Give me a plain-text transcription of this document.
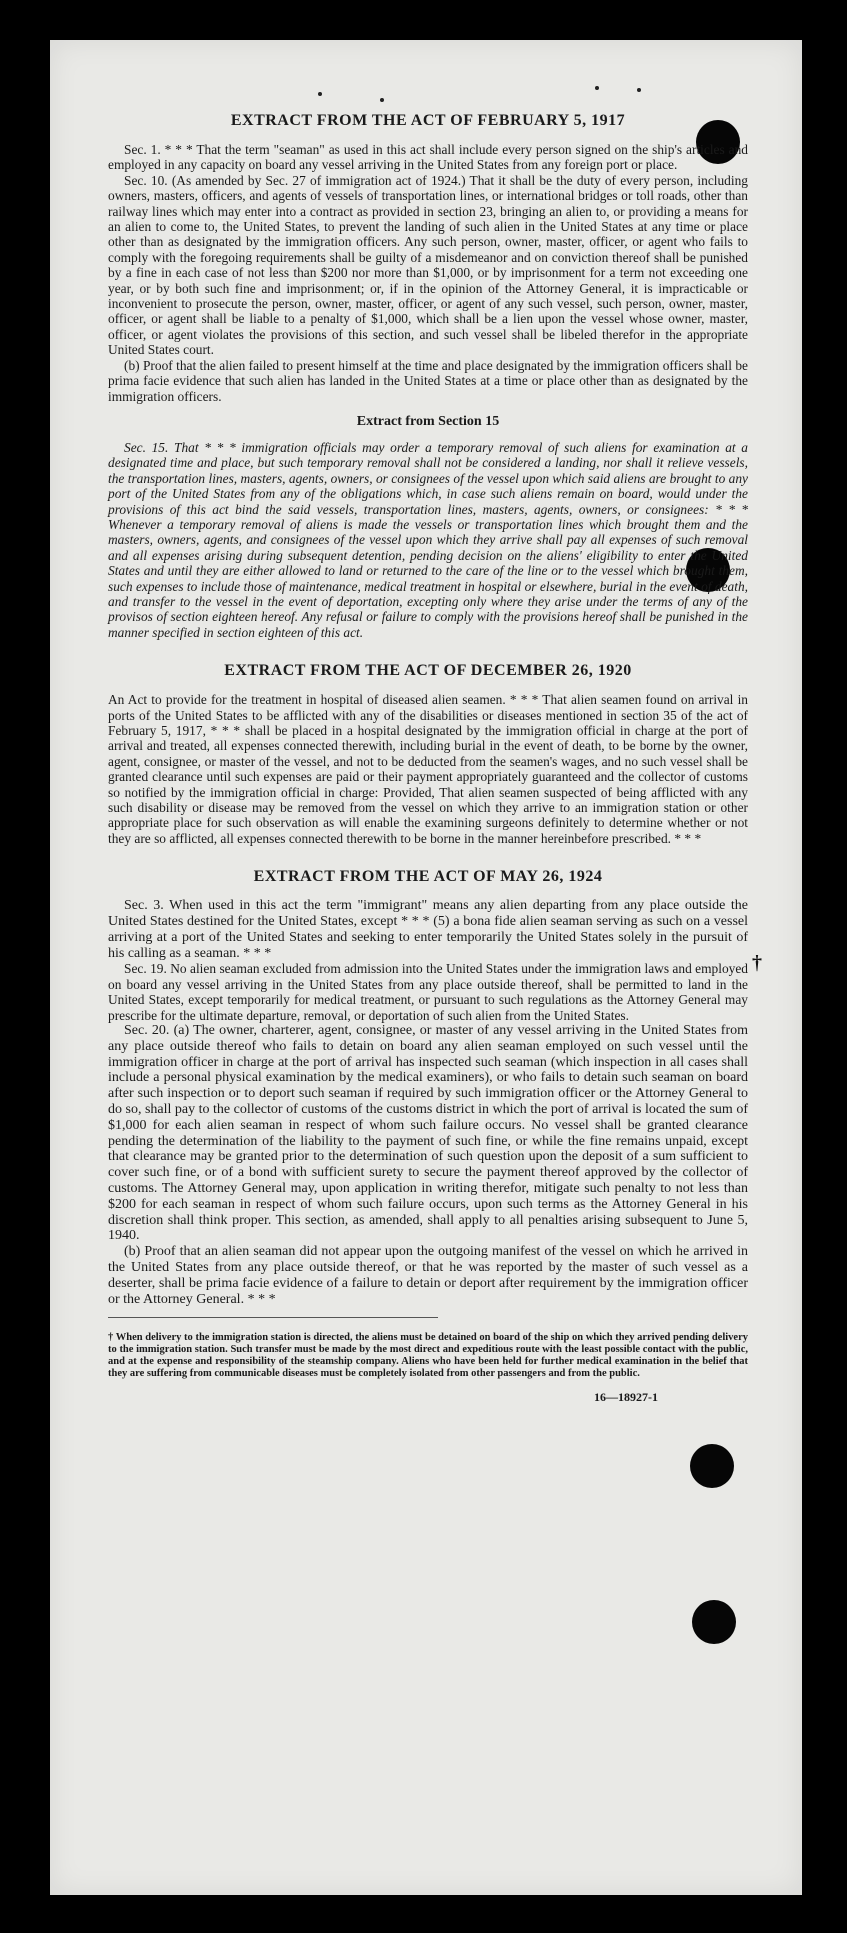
†
EXTRACT FROM THE ACT OF FEBRUARY 5, 1917

Sec. 1. * * * That the term "seaman" as used in this act shall include every person signed on the ship's articles and employed in any capacity on board any vessel arriving in the United States from any foreign port or place.

Sec. 10. (As amended by Sec. 27 of immigration act of 1924.) That it shall be the duty of every person, including owners, masters, officers, and agents of vessels of transportation lines, or international bridges or toll roads, other than railway lines which may enter into a contract as provided in section 23, bringing an alien to, or providing a means for an alien to come to, the United States, to prevent the landing of such alien in the United States at any time or place other than as designated by the immigration officers. Any such person, owner, master, officer, or agent who fails to comply with the foregoing requirements shall be guilty of a misdemeanor and on conviction thereof shall be punished by a fine in each case of not less than $200 nor more than $1,000, or by imprisonment for a term not exceeding one year, or by both such fine and imprisonment; or, if in the opinion of the Attorney General, it is impracticable or inconvenient to prosecute the person, owner, master, officer, or agent of any such vessel, such person, owner, master, officer, or agent shall be liable to a penalty of $1,000, which shall be a lien upon the vessel whose owner, master, officer, or agent violates the provisions of this section, and such vessel shall be libeled therefor in the appropriate United States court.

(b) Proof that the alien failed to present himself at the time and place designated by the immigration officers shall be prima facie evidence that such alien has landed in the United States at a time or place other than as designated by the immigration officers.

Extract from Section 15

Sec. 15. That * * * immigration officials may order a temporary removal of such aliens for examination at a designated time and place, but such temporary removal shall not be considered a landing, nor shall it relieve vessels, the transportation lines, masters, agents, owners, or consignees of the vessel upon which said aliens are brought to any port of the United States from any of the obligations which, in case such aliens remain on board, would under the provisions of this act bind the said vessels, transportation lines, masters, agents, owners, or consignees: * * * Whenever a temporary removal of aliens is made the vessels or transportation lines which brought them and the masters, owners, agents, and consignees of the vessel upon which they arrive shall pay all expenses of such removal and all expenses arising during subsequent detention, pending decision on the aliens' eligibility to enter the United States and until they are either allowed to land or returned to the care of the line or to the vessel which brought them, such expenses to include those of maintenance, medical treatment in hospital or elsewhere, burial in the event of death, and transfer to the vessel in the event of deportation, excepting only where they arise under the terms of any of the provisos of section eighteen hereof. Any refusal or failure to comply with the provisions hereof shall be punished in the manner specified in section eighteen of this act.

EXTRACT FROM THE ACT OF DECEMBER 26, 1920

An Act to provide for the treatment in hospital of diseased alien seamen. * * * That alien seamen found on arrival in ports of the United States to be afflicted with any of the disabilities or diseases mentioned in section 35 of the act of February 5, 1917, * * * shall be placed in a hospital designated by the immigration official in charge at the port of arrival and treated, all expenses connected therewith, including burial in the event of death, to be borne by the owner, agent, consignee, or master of the vessel, and not to be deducted from the seamen's wages, and no such vessel shall be granted clearance until such expenses are paid or their payment appropriately guaranteed and the collector of customs so notified by the immigration official in charge: Provided, That alien seamen suspected of being afflicted with any such disability or disease may be removed from the vessel on which they arrive to an immigration station or other appropriate place for such observation as will enable the examining surgeons definitely to determine whether or not they are so afflicted, all expenses connected therewith to be borne in the manner hereinbefore prescribed. * * *

EXTRACT FROM THE ACT OF MAY 26, 1924

Sec. 3. When used in this act the term "immigrant" means any alien departing from any place outside the United States destined for the United States, except * * * (5) a bona fide alien seaman serving as such on a vessel arriving at a port of the United States and seeking to enter temporarily the United States solely in the pursuit of his calling as a seaman. * * *

Sec. 19. No alien seaman excluded from admission into the United States under the immigration laws and employed on board any vessel arriving in the United States from any place outside thereof, shall be permitted to land in the United States, except temporarily for medical treatment, or pursuant to such regulations as the Attorney General may prescribe for the ultimate departure, removal, or deportation of such alien from the United States.

Sec. 20. (a) The owner, charterer, agent, consignee, or master of any vessel arriving in the United States from any place outside thereof who fails to detain on board any alien seaman employed on such vessel until the immigration officer in charge at the port of arrival has inspected such seaman (which inspection in all cases shall include a personal physical examination by the medical examiners), or who fails to detain such seaman on board after such inspection or to deport such seaman if required by such immigration officer or the Attorney General to do so, shall pay to the collector of customs of the customs district in which the port of arrival is located the sum of $1,000 for each alien seaman in respect of whom such failure occurs. No vessel shall be granted clearance pending the determination of the liability to the payment of such fine, or while the fine remains unpaid, except that clearance may be granted prior to the determination of such question upon the deposit of a sum sufficient to cover such fine, or of a bond with sufficient surety to secure the payment thereof approved by the collector of customs. The Attorney General may, upon application in writing therefor, mitigate such penalty to not less than $200 for each seaman in respect of whom such failure occurs, upon such terms as the Attorney General in his discretion shall think proper. This section, as amended, shall apply to all penalties arising subsequent to June 5, 1940.

(b) Proof that an alien seaman did not appear upon the outgoing manifest of the vessel on which he arrived in the United States from any place outside thereof, or that he was reported by the master of such vessel as a deserter, shall be prima facie evidence of a failure to detain or deport after requirement by the immigration officer or the Attorney General. * * *

† When delivery to the immigration station is directed, the aliens must be detained on board of the ship on which they arrived pending delivery to the immigration station. Such transfer must be made by the most direct and expeditious route with the least possible contact with the public, and at the expense and responsibility of the steamship company. Aliens who have been held for further medical examination in the belief that they are suffering from communicable diseases must be completely isolated from other passengers and from the public.

16—18927-1
